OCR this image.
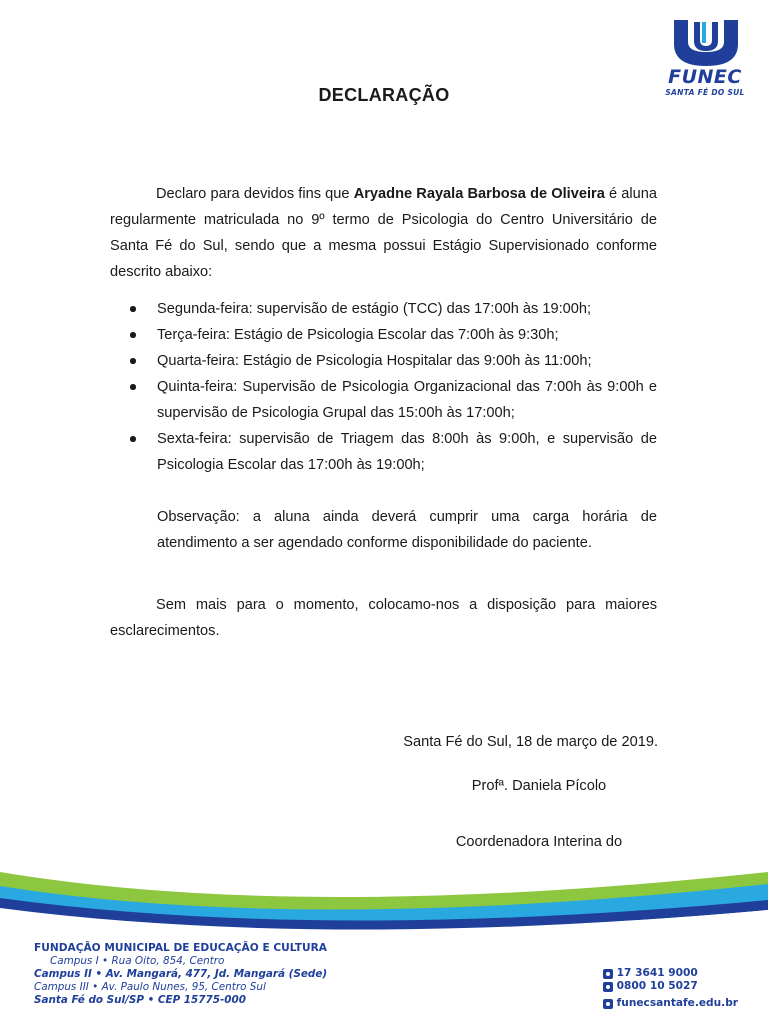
FUNEC
SANTA FÉ DO SUL
DECLARAÇÃO
Declaro para devidos fins que Aryadne Rayala Barbosa de Oliveira é aluna regularmente matriculada no 9º termo de Psicologia do Centro Universitário de Santa Fé do Sul, sendo que a mesma possui Estágio Supervisionado conforme descrito abaixo:
Segunda-feira: supervisão de estágio (TCC) das 17:00h às 19:00h;
Terça-feira: Estágio de Psicologia Escolar das 7:00h às 9:30h;
Quarta-feira: Estágio de Psicologia Hospitalar das 9:00h às 11:00h;
Quinta-feira: Supervisão de Psicologia Organizacional das 7:00h às 9:00h e supervisão de Psicologia Grupal das 15:00h às 17:00h;
Sexta-feira: supervisão de Triagem das 8:00h às 9:00h, e supervisão de Psicologia Escolar das 17:00h às 19:00h;
Observação: a aluna ainda deverá cumprir uma carga horária de atendimento a ser agendado conforme disponibilidade do paciente.
Sem mais para o momento, colocamo-nos a disposição para maiores esclarecimentos.
Santa Fé do Sul, 18 de março de 2019.
Profª. Daniela Pícolo
Coordenadora Interina do
FUNDAÇÃO MUNICIPAL DE EDUCAÇÃO E CULTURA
Campus I • Rua Oito, 854, Centro
Campus II • Av. Mangará, 477, Jd. Mangará (Sede)
Campus III • Av. Paulo Nunes, 95, Centro Sul
Santa Fé do Sul/SP • CEP 15775-000
17 3641 9000
0800 10 5027
funecsantafe.edu.br
